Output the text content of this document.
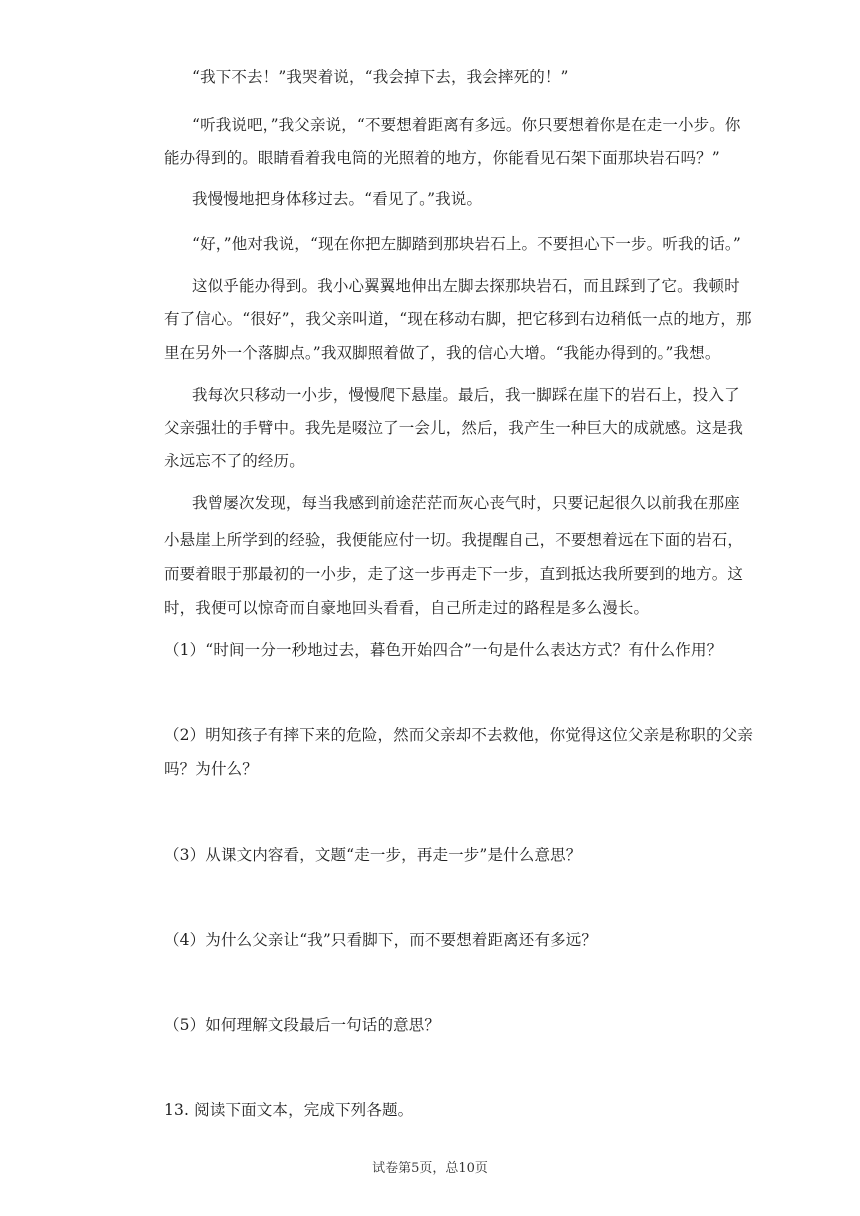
“我下不去！”我哭着说，“我会掉下去，我会摔死的！”
“听我说吧，”我父亲说，“不要想着距离有多远。你只要想着你是在走一小步。你
能办得到的。眼睛看着我电筒的光照着的地方，你能看见石架下面那块岩石吗？”
我慢慢地把身体移过去。“看见了。”我说。
“好，”他对我说，“现在你把左脚踏到那块岩石上。不要担心下一步。听我的话。”
这似乎能办得到。我小心翼翼地伸出左脚去探那块岩石，而且踩到了它。我顿时
有了信心。“很好”，我父亲叫道，“现在移动右脚，把它移到右边稍低一点的地方，那
里在另外一个落脚点。”我双脚照着做了，我的信心大增。“我能办得到的。”我想。
我每次只移动一小步，慢慢爬下悬崖。最后，我一脚踩在崖下的岩石上，投入了
父亲强壮的手臂中。我先是啜泣了一会儿，然后，我产生一种巨大的成就感。这是我
永远忘不了的经历。
我曾屡次发现，每当我感到前途茫茫而灰心丧气时，只要记起很久以前我在那座
小悬崖上所学到的经验，我便能应付一切。我提醒自己，不要想着远在下面的岩石，
而要着眼于那最初的一小步，走了这一步再走下一步，直到抵达我所要到的地方。这
时，我便可以惊奇而自豪地回头看看，自己所走过的路程是多么漫长。
（1）“时间一分一秒地过去，暮色开始四合”一句是什么表达方式？有什么作用？
（2）明知孩子有摔下来的危险，然而父亲却不去救他，你觉得这位父亲是称职的父亲
吗？为什么？
（3）从课文内容看，文题“走一步，再走一步”是什么意思？
（4）为什么父亲让“我”只看脚下，而不要想着距离还有多远？
（5）如何理解文段最后一句话的意思？
13. 阅读下面文本，完成下列各题。
试卷第5页，总10页
